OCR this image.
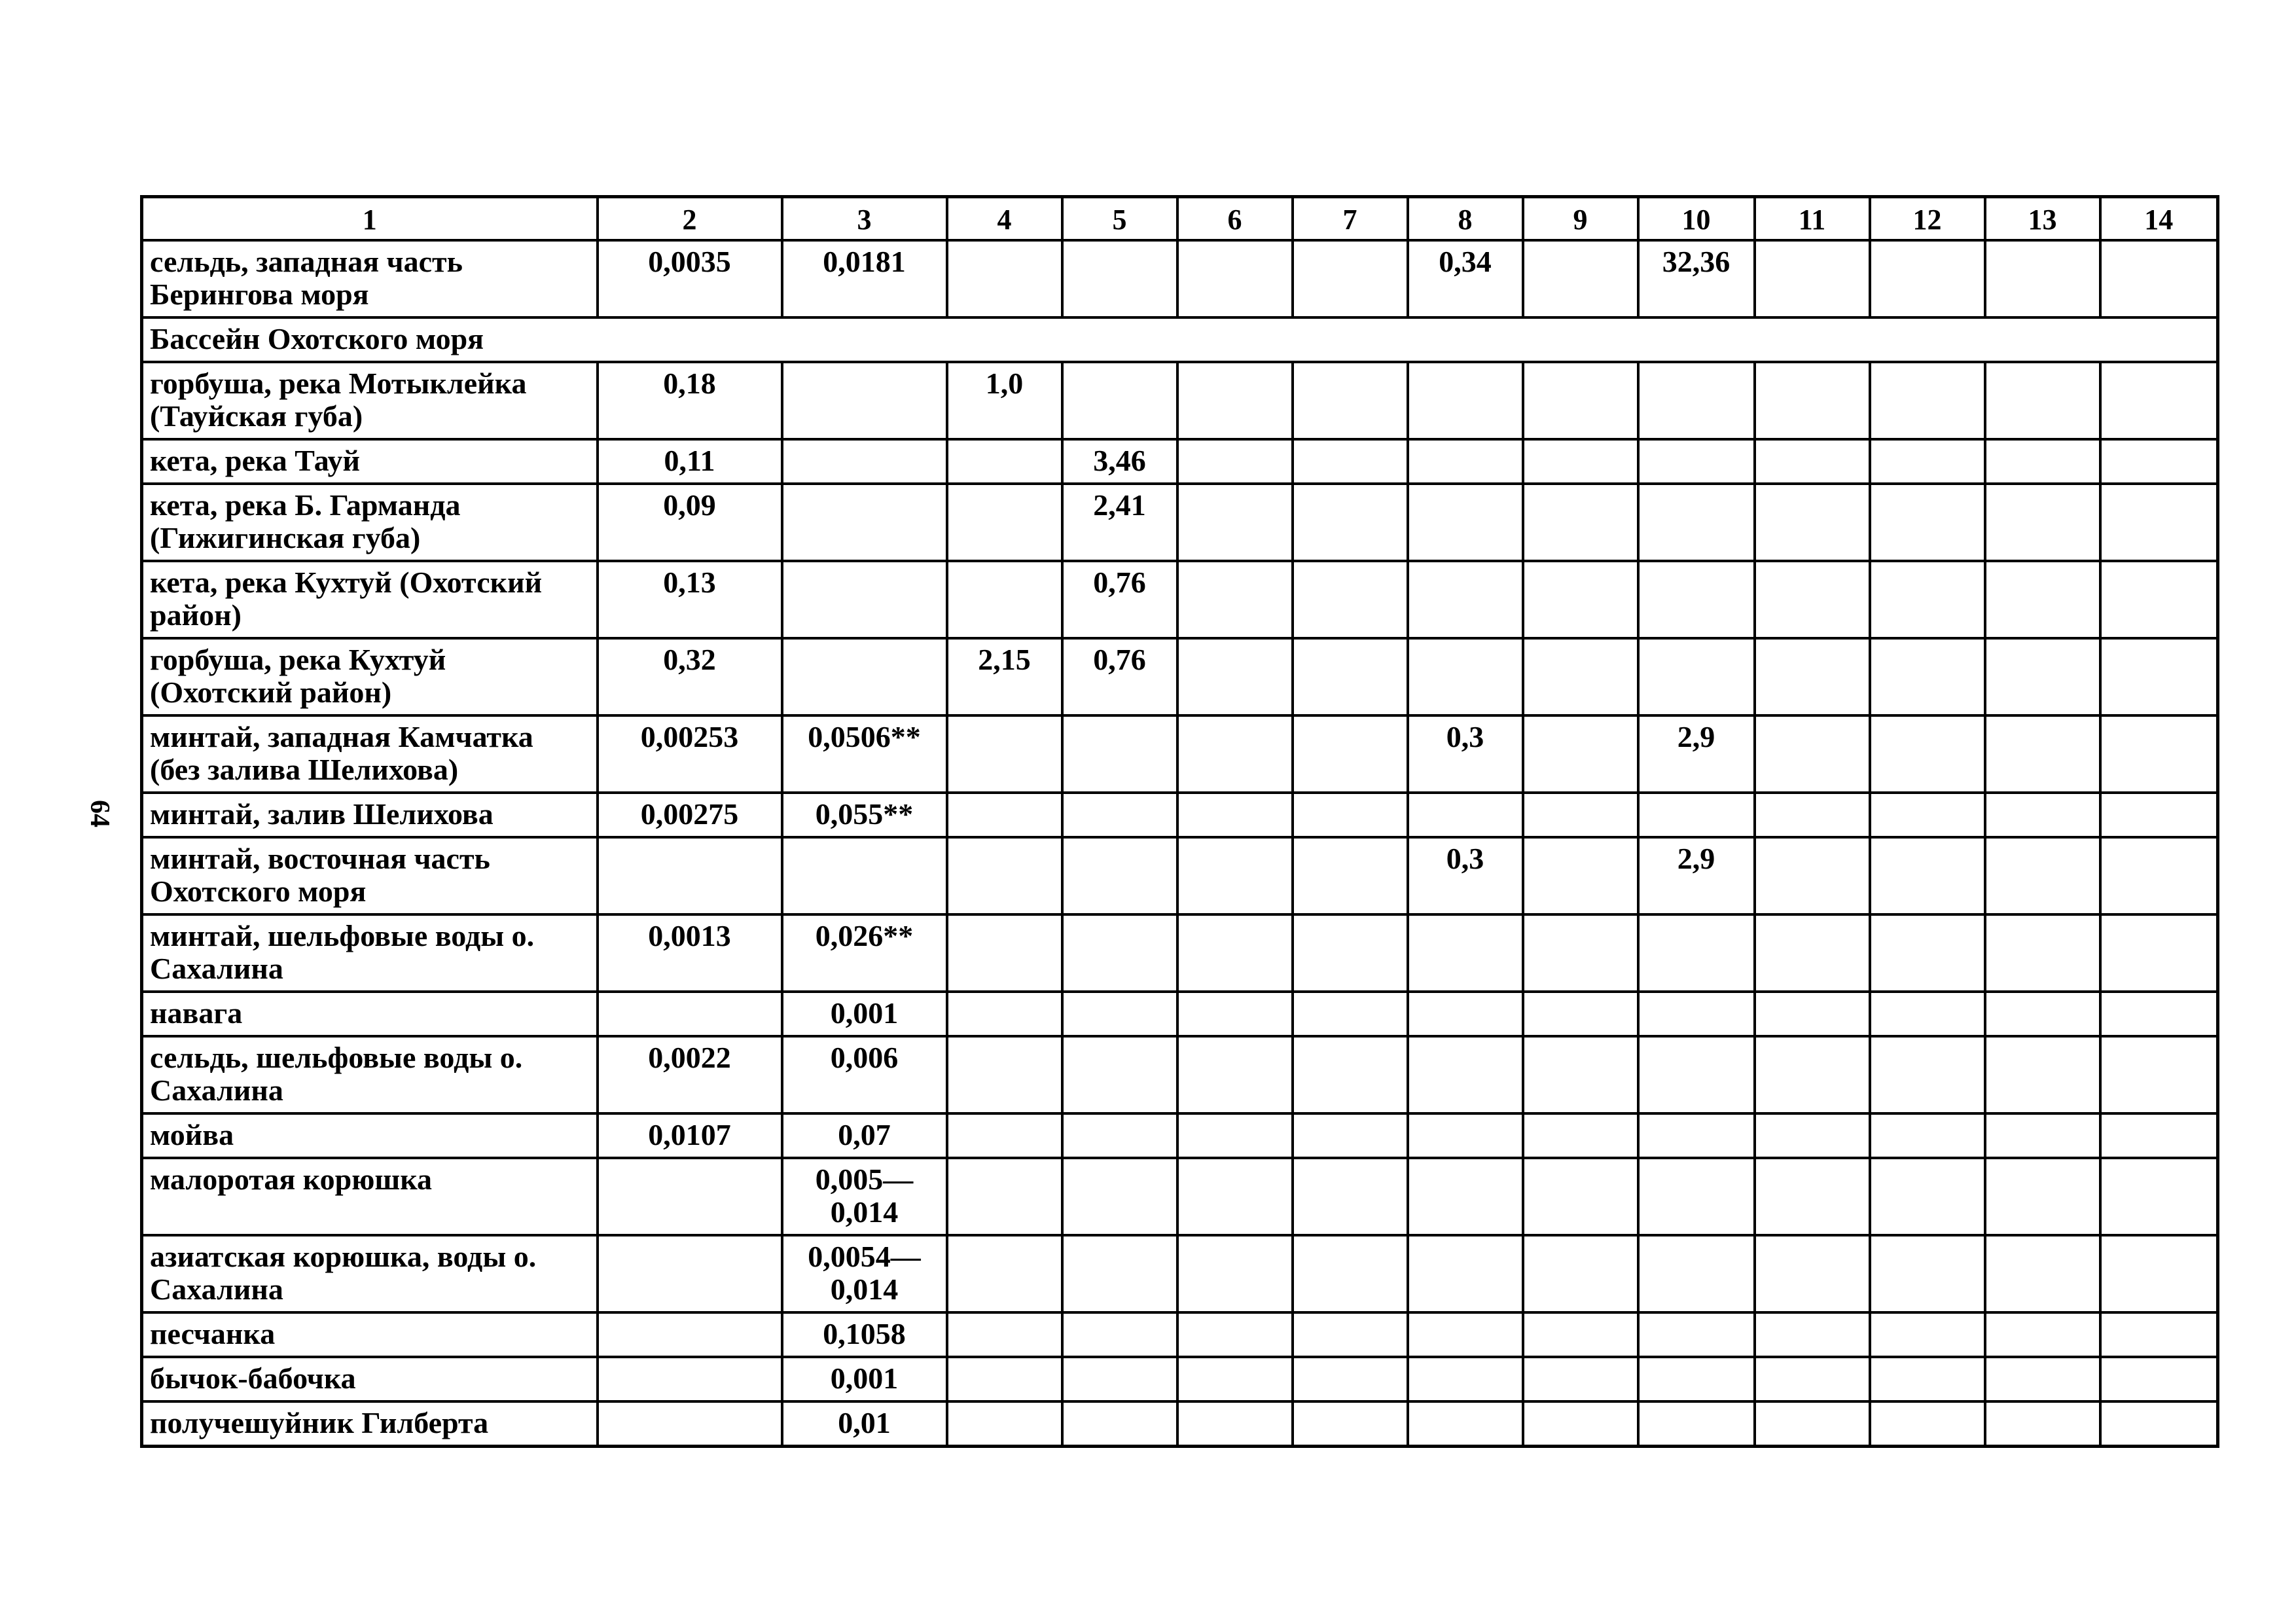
64
1	2	3	4	5	6	7	8	9	10	11	12	13	14
сельдь, западная часть Берингова моря	0,0035	0,0181					0,34		32,36				
Бассейн Охотского моря													
горбуша, река Мотыклейка (Тауйская губа)	0,18		1,0										
кета, река Тауй	0,11			3,46									
кета, река Б. Гарманда (Гижигинская губа)	0,09			2,41									
кета, река Кухтуй (Охотский район)	0,13			0,76									
горбуша, река Кухтуй (Охотский район)	0,32		2,15	0,76									
минтай, западная Камчатка (без залива Шелихова)	0,00253	0,0506**					0,3		2,9				
минтай, залив Шелихова	0,00275	0,055**											
минтай, восточная часть Охотского моря							0,3		2,9				
минтай, шельфовые воды о. Сахалина	0,0013	0,026**											
навага		0,001											
сельдь, шельфовые воды о. Сахалина	0,0022	0,006											
мойва	0,0107	0,07											
малоротая корюшка		0,005—0,014											
азиатская корюшка, воды о. Сахалина		0,0054—0,014											
песчанка		0,1058											
бычок-бабочка		0,001											
получешуйник Гилберта		0,01											
